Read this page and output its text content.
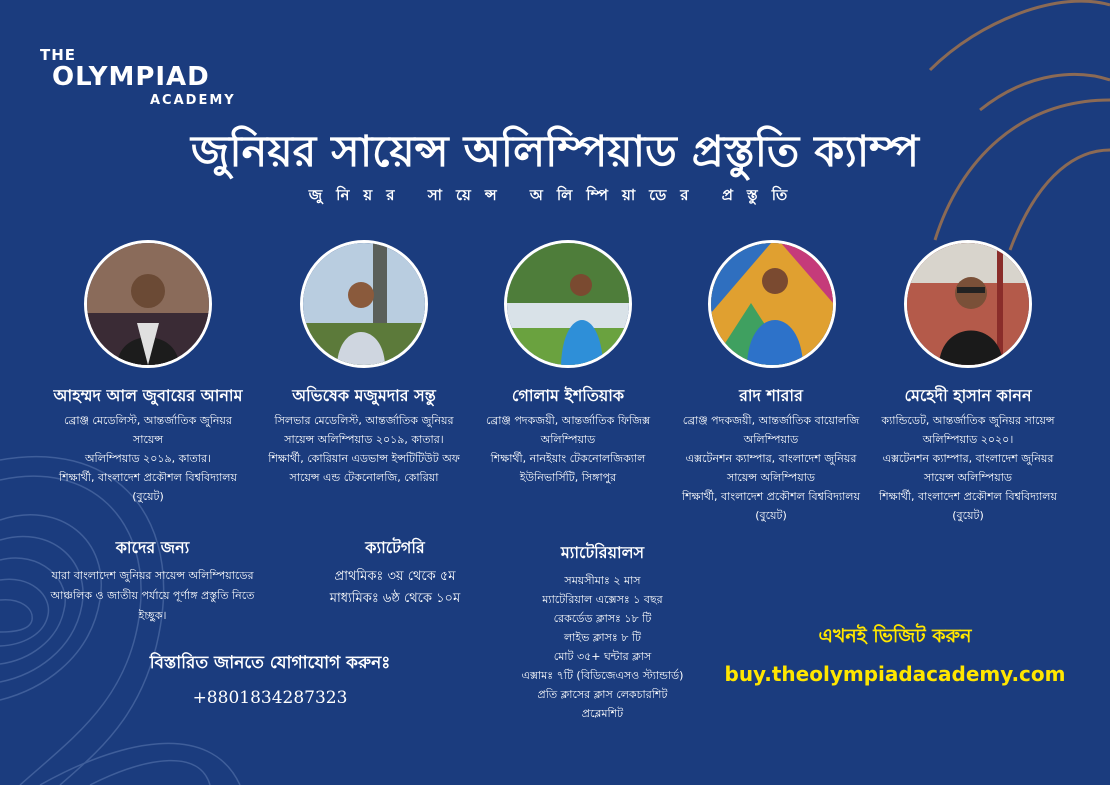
THE
OLYMPIAD
ACADEMY
জুনিয়র সায়েন্স অলিম্পিয়াড প্রস্তুতি ক্যাম্প
জুনিয়র সায়েন্স অলিম্পিয়াডের প্রস্তুতি
আহম্মদ আল জুবায়ের আনাম
ব্রোঞ্জ মেডেলিস্ট, আন্তর্জাতিক জুনিয়র সায়েন্স
অলিম্পিয়াড ২০১৯, কাতার।
শিক্ষার্থী, বাংলাদেশ প্রকৌশল বিশ্ববিদ্যালয়
(বুয়েট)
অভিষেক মজুমদার সন্তু
সিলভার মেডেলিস্ট, আন্তর্জাতিক জুনিয়র
সায়েন্স অলিম্পিয়াড ২০১৯, কাতার।
শিক্ষার্থী, কোরিয়ান এডভান্স ইন্সটিটিউট অফ
সায়েন্স এন্ড টেকনোলজি, কোরিয়া
গোলাম ইশতিয়াক
ব্রোঞ্জ পদকজয়ী, আন্তর্জাতিক ফিজিক্স
অলিম্পিয়াড
শিক্ষার্থী, নানইয়াং টেকনোলজিক্যাল
ইউনিভার্সিটি, সিঙ্গাপুর
রাদ শারার
ব্রোঞ্জ পদকজয়ী, আন্তর্জাতিক বায়োলজি
অলিম্পিয়াড
এক্সটেনশন ক্যাম্পার, বাংলাদেশ জুনিয়র
সায়েন্স অলিম্পিয়াড
শিক্ষার্থী, বাংলাদেশ প্রকৌশল বিশ্ববিদ্যালয়
(বুয়েট)
মেহেদী হাসান কানন
ক্যান্ডিডেট, আন্তর্জাতিক জুনিয়র সায়েন্স
অলিম্পিয়াড ২০২০।
এক্সটেনশন ক্যাম্পার, বাংলাদেশ জুনিয়র
সায়েন্স অলিম্পিয়াড
শিক্ষার্থী, বাংলাদেশ প্রকৌশল বিশ্ববিদ্যালয়
(বুয়েট)
কাদের জন্য

যারা বাংলাদেশ জুনিয়র সায়েন্স অলিম্পিয়াডের
আঞ্চলিক ও জাতীয় পর্যায়ে পূর্ণাঙ্গ প্রস্তুতি নিতে
ইচ্ছুক।

ক্যাটেগরি

প্রাথমিকঃ ৩য় থেকে ৫ম
মাধ্যমিকঃ ৬ষ্ঠ থেকে ১০ম

ম্যাটেরিয়ালস

সময়সীমাঃ ২ মাস

ম্যাটেরিয়াল এক্সেসঃ ১ বছর

রেকর্ডেড ক্লাসঃ ১৮ টি

লাইভ ক্লাসঃ ৮ টি

মোট ৩৫+ ঘন্টার ক্লাস

এক্সামঃ ৭টি (বিডিজেএসও স্ট্যান্ডার্ড)

প্রতি ক্লাসের ক্লাস লেকচারশিট

প্রব্লেমশিট

বিস্তারিত জানতে যোগাযোগ করুনঃ
+8801834287323
এখনই ভিজিট করুন
buy.theolympiadacademy.com
